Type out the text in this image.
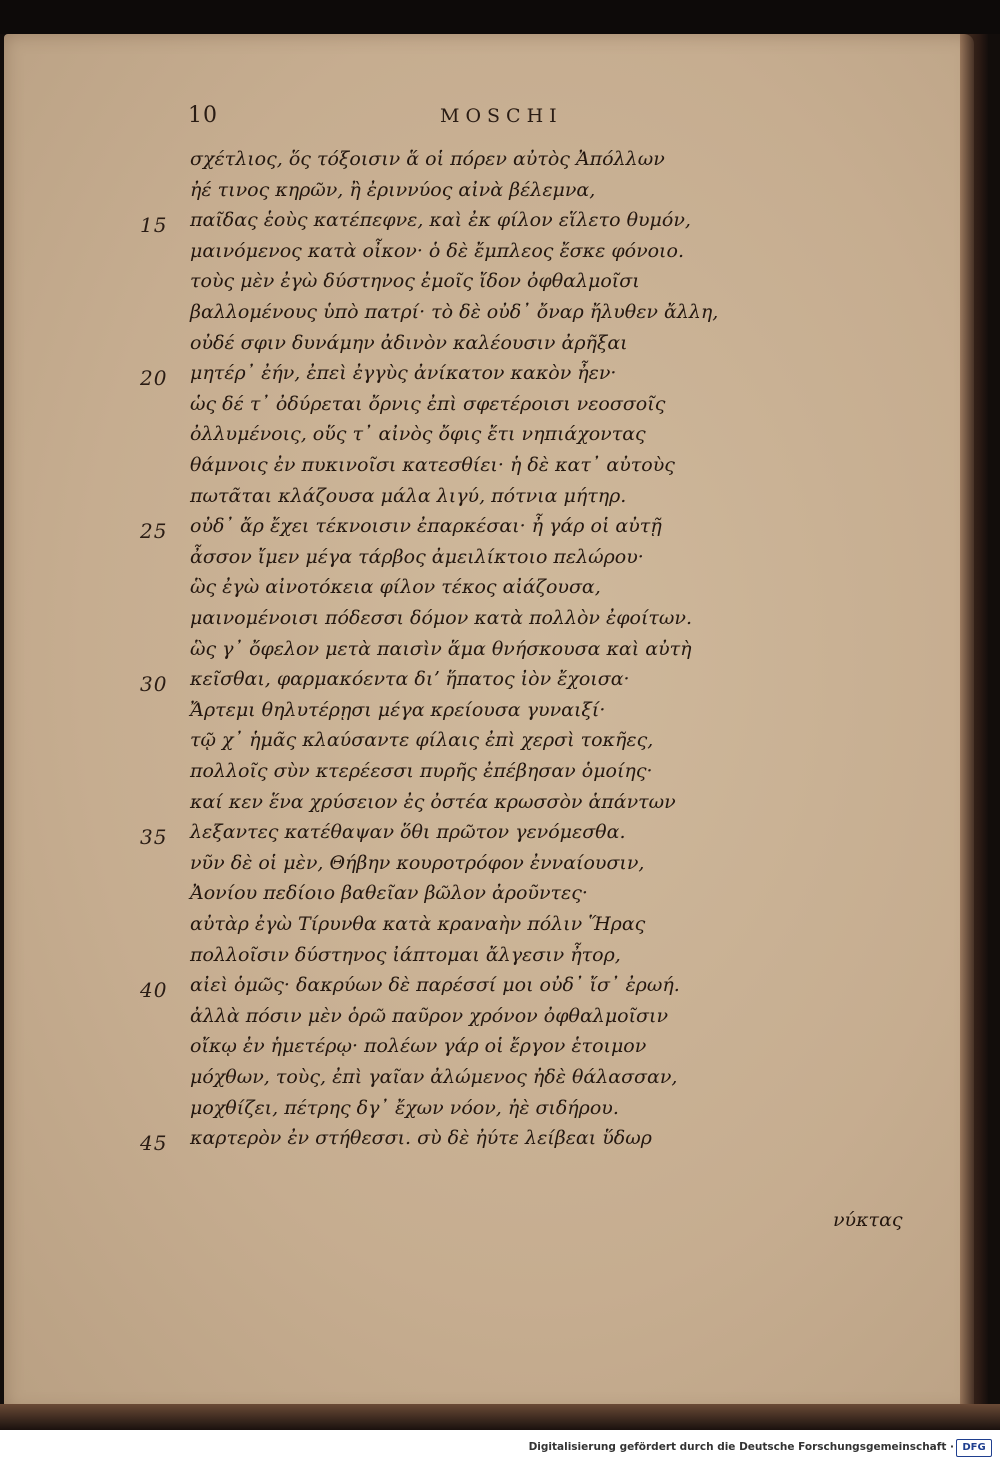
10	MOSCHI
σχέτλιος, ὅς τόξοισιν ἅ οἱ πόρεν αὐτὸς Ἀπόλλων
ἠέ τινος κηρῶν, ἢ ἐριννύος αἰνὰ βέλεμνα,
15 παῖδας ἑοὺς κατέπεφνε, καὶ ἐκ φίλον εἵλετο θυμόν,
μαινόμενος κατὰ οἶκον· ὁ δὲ ἔμπλεος ἔσκε φόνοιο.
τοὺς μὲν ἐγὼ δύστηνος ἐμοῖς ἴδον ὀφθαλμοῖσι
βαλλομένους ὑπὸ πατρί· τὸ δὲ οὐδ᾽ ὄναρ ἤλυθεν ἄλλη,
οὐδέ σφιν δυνάμην ἀδινὸν καλέουσιν ἀρῆξαι
20 μητέρ᾽ ἐήν, ἐπεὶ ἐγγὺς ἀνίκατον κακὸν ἦεν·
ὡς δέ τ᾽ ὀδύρεται ὄρνις ἐπὶ σφετέροισι νεοσσοῖς
ὀλλυμένοις, οὕς τ᾽ αἰνὸς ὄφις ἔτι νηπιάχοντας
θάμνοις ἐν πυκινοῖσι κατεσθίει· ἡ δὲ κατ᾽ αὐτοὺς
πωτᾶται κλάζουσα μάλα λιγύ, πότνια μήτηρ.
25 οὐδ᾽ ἄρ ἔχει τέκνοισιν ἐπαρκέσαι· ἦ γάρ οἱ αὐτῇ
ἆσσον ἴμεν μέγα τάρβος ἀμειλίκτοιο πελώρου·
ὣς ἐγὼ αἰνοτόκεια φίλον τέκος αἰάζουσα,
μαινομένοισι πόδεσσι δόμον κατὰ πολλὸν ἐφοίτων.
ὣς γ᾽ ὄφελον μετὰ παισὶν ἅμα θνήσκουσα καὶ αὐτὴ
30 κεῖσθαι, φαρμακόεντα διʼ ἥπατος ἰὸν ἔχοισα·
Ἄρτεμι θηλυτέρῃσι μέγα κρείουσα γυναιξί·
τῷ χ᾽ ἡμᾶς κλαύσαντε φίλαις ἐπὶ χερσὶ τοκῆες,
πολλοῖς σὺν κτερέεσσι πυρῆς ἐπέβησαν ὁμοίης·
καί κεν ἕνα χρύσειον ἐς ὀστέα κρωσσὸν ἁπάντων
35 λεξαντες κατέθαψαν ὅθι πρῶτον γενόμεσθα.
νῦν δὲ οἱ μὲν, Θήβην κουροτρόφον ἐνναίουσιν,
Ἀονίου πεδίοιο βαθεῖαν βῶλον ἀροῦντες·
αὐτὰρ ἐγὼ Τίρυνθα κατὰ κραναὴν πόλιν Ἥρας
πολλοῖσιν δύστηνος ἰάπτομαι ἄλγεσιν ἦτορ,
40 αἰεὶ ὁμῶς· δακρύων δὲ παρέσσί μοι οὐδ᾽ ἴσ᾽ ἐρωή.
ἀλλὰ πόσιν μὲν ὁρῶ παῦρον χρόνον ὀφθαλμοῖσιν
οἴκῳ ἐν ἡμετέρῳ· πολέων γάρ οἱ ἔργον ἑτοιμον
μόχθων, τοὺς, ἐπὶ γαῖαν ἀλώμενος ἠδὲ θάλασσαν,
μοχθίζει, πέτρης δγ᾽ ἔχων νόον, ἠὲ σιδήρου.
45 καρτερὸν ἐν στήθεσσι. σὺ δὲ ἠύτε λείβεαι ὕδωρ
νύκτας
Digitalisierung gefördert durch die Deutsche Forschungsgemeinschaft · DFG
